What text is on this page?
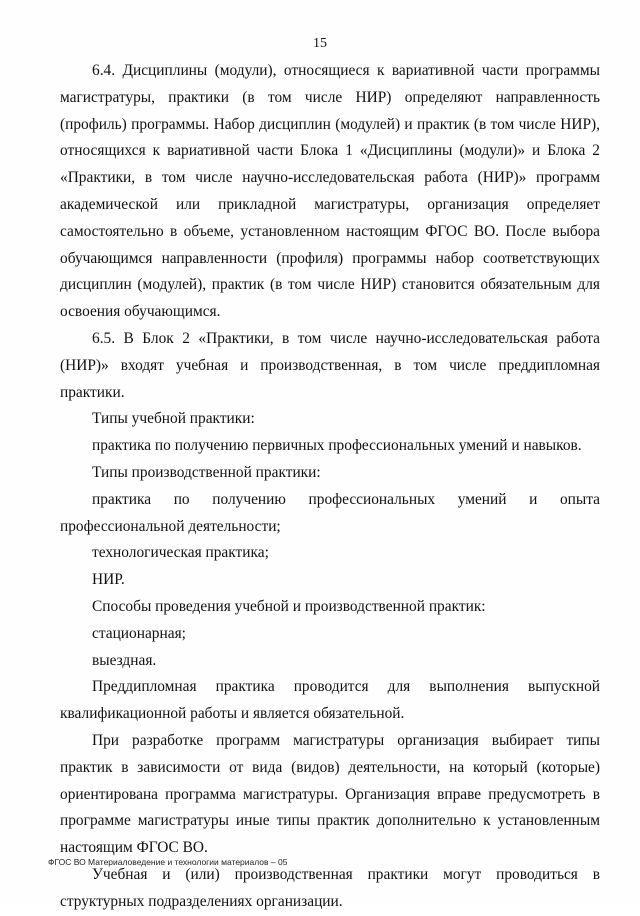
15

6.4. Дисциплины (модули), относящиеся к вариативной части программы магистратуры, практики (в том числе НИР) определяют направленность (профиль) программы. Набор дисциплин (модулей) и практик (в том числе НИР), относящихся к вариативной части Блока 1 «Дисциплины (модули)» и Блока 2 «Практики, в том числе научно-исследовательская работа (НИР)» программ академической или прикладной магистратуры, организация определяет самостоятельно в объеме, установленном настоящим ФГОС ВО. После выбора обучающимся направленности (профиля) программы набор соответствующих дисциплин (модулей), практик (в том числе НИР) становится обязательным для освоения обучающимся.

6.5. В Блок 2 «Практики, в том числе научно-исследовательская работа (НИР)» входят учебная и производственная, в том числе преддипломная практики.

Типы учебной практики:

практика по получению первичных профессиональных умений и навыков.

Типы производственной практики:

практика по получению профессиональных умений и опыта профессиональной деятельности;

технологическая практика;

НИР.

Способы проведения учебной и производственной практик:

стационарная;

выездная.

Преддипломная практика проводится для выполнения выпускной квалификационной работы и является обязательной.

При разработке программ магистратуры организация выбирает типы практик в зависимости от вида (видов) деятельности, на который (которые) ориентирована программа магистратуры. Организация вправе предусмотреть в программе магистратуры иные типы практик дополнительно к установленным настоящим ФГОС ВО.

Учебная и (или) производственная практики могут проводиться в структурных подразделениях организации.

ФГОС ВО Материаловедение и технологии материалов – 05
